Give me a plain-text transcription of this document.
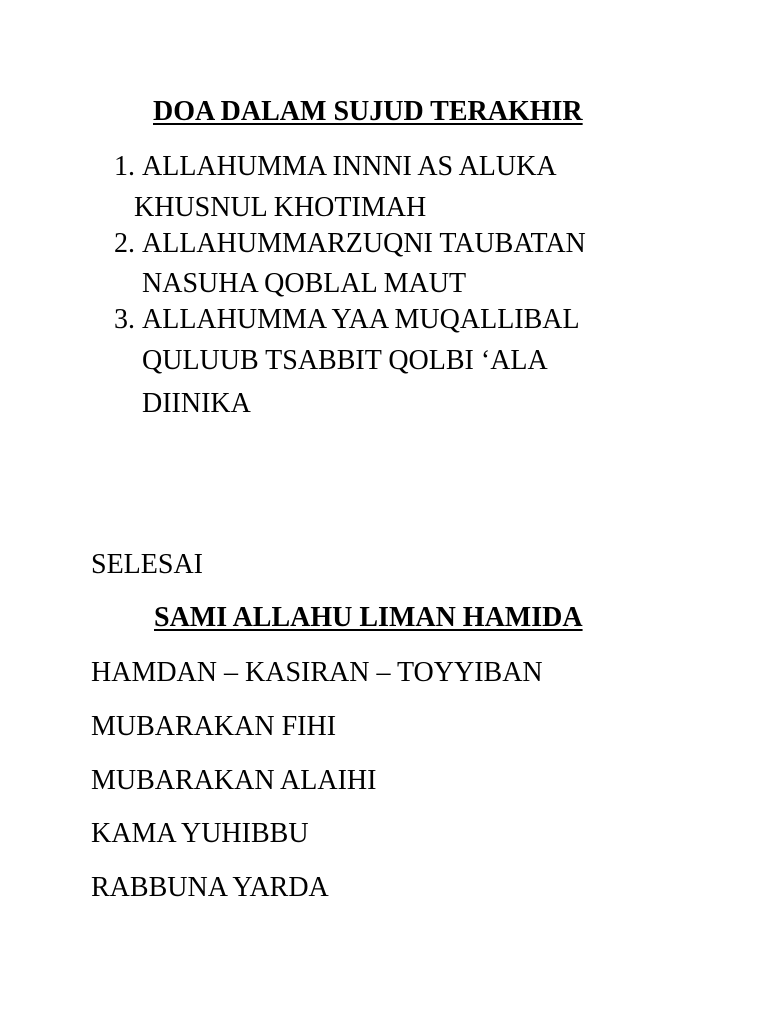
DOA DALAM SUJUD TERAKHIR
1. ALLAHUMMA INNNI AS ALUKA
KHUSNUL KHOTIMAH
2. ALLAHUMMARZUQNI TAUBATAN
NASUHA QOBLAL MAUT
3. ALLAHUMMA YAA MUQALLIBAL
QULUUB TSABBIT QOLBI ‘ALA
DIINIKA

SELESAI

SAMI ALLAHU LIMAN HAMIDA

HAMDAN – KASIRAN – TOYYIBAN

MUBARAKAN FIHI

MUBARAKAN ALAIHI

KAMA YUHIBBU

RABBUNA YARDA
